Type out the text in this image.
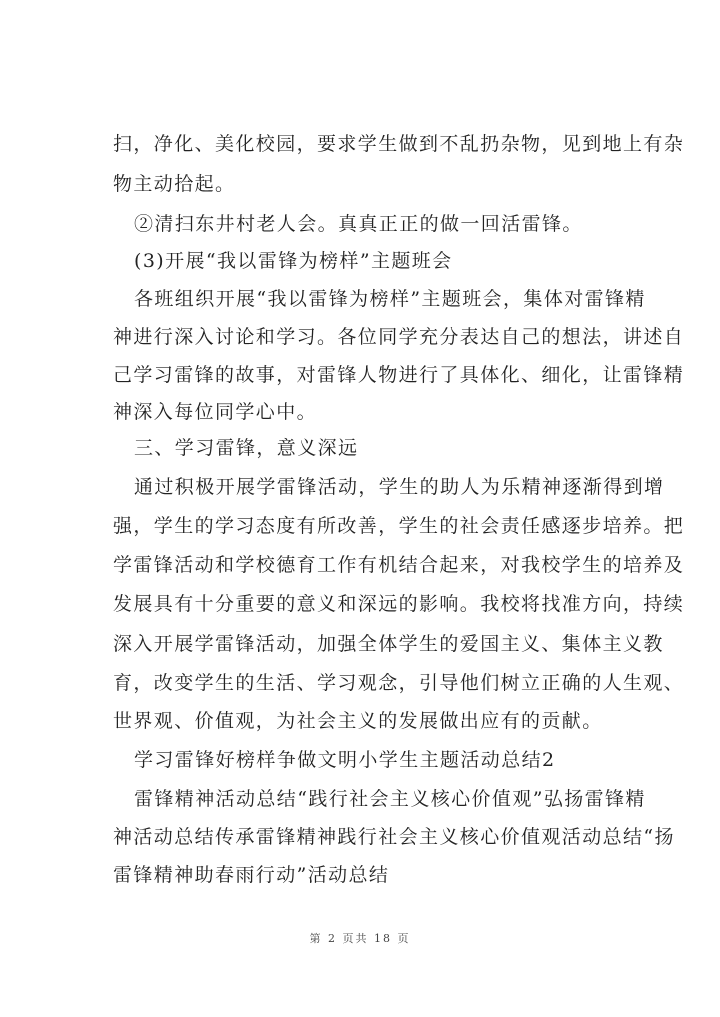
扫，净化、美化校园，要求学生做到不乱扔杂物，见到地上有杂
物主动拾起。
②清扫东井村老人会。真真正正的做一回活雷锋。
(3)开展“我以雷锋为榜样”主题班会
各班组织开展“我以雷锋为榜样”主题班会，集体对雷锋精
神进行深入讨论和学习。各位同学充分表达自己的想法，讲述自
己学习雷锋的故事，对雷锋人物进行了具体化、细化，让雷锋精
神深入每位同学心中。
三、学习雷锋，意义深远
通过积极开展学雷锋活动，学生的助人为乐精神逐渐得到增
强，学生的学习态度有所改善，学生的社会责任感逐步培养。把
学雷锋活动和学校德育工作有机结合起来，对我校学生的培养及
发展具有十分重要的意义和深远的影响。我校将找准方向，持续
深入开展学雷锋活动，加强全体学生的爱国主义、集体主义教
育，改变学生的生活、学习观念，引导他们树立正确的人生观、
世界观、价值观，为社会主义的发展做出应有的贡献。
学习雷锋好榜样争做文明小学生主题活动总结2
雷锋精神活动总结“践行社会主义核心价值观”弘扬雷锋精
神活动总结传承雷锋精神践行社会主义核心价值观活动总结“扬
雷锋精神助春雨行动”活动总结
第 2 页共 18 页
